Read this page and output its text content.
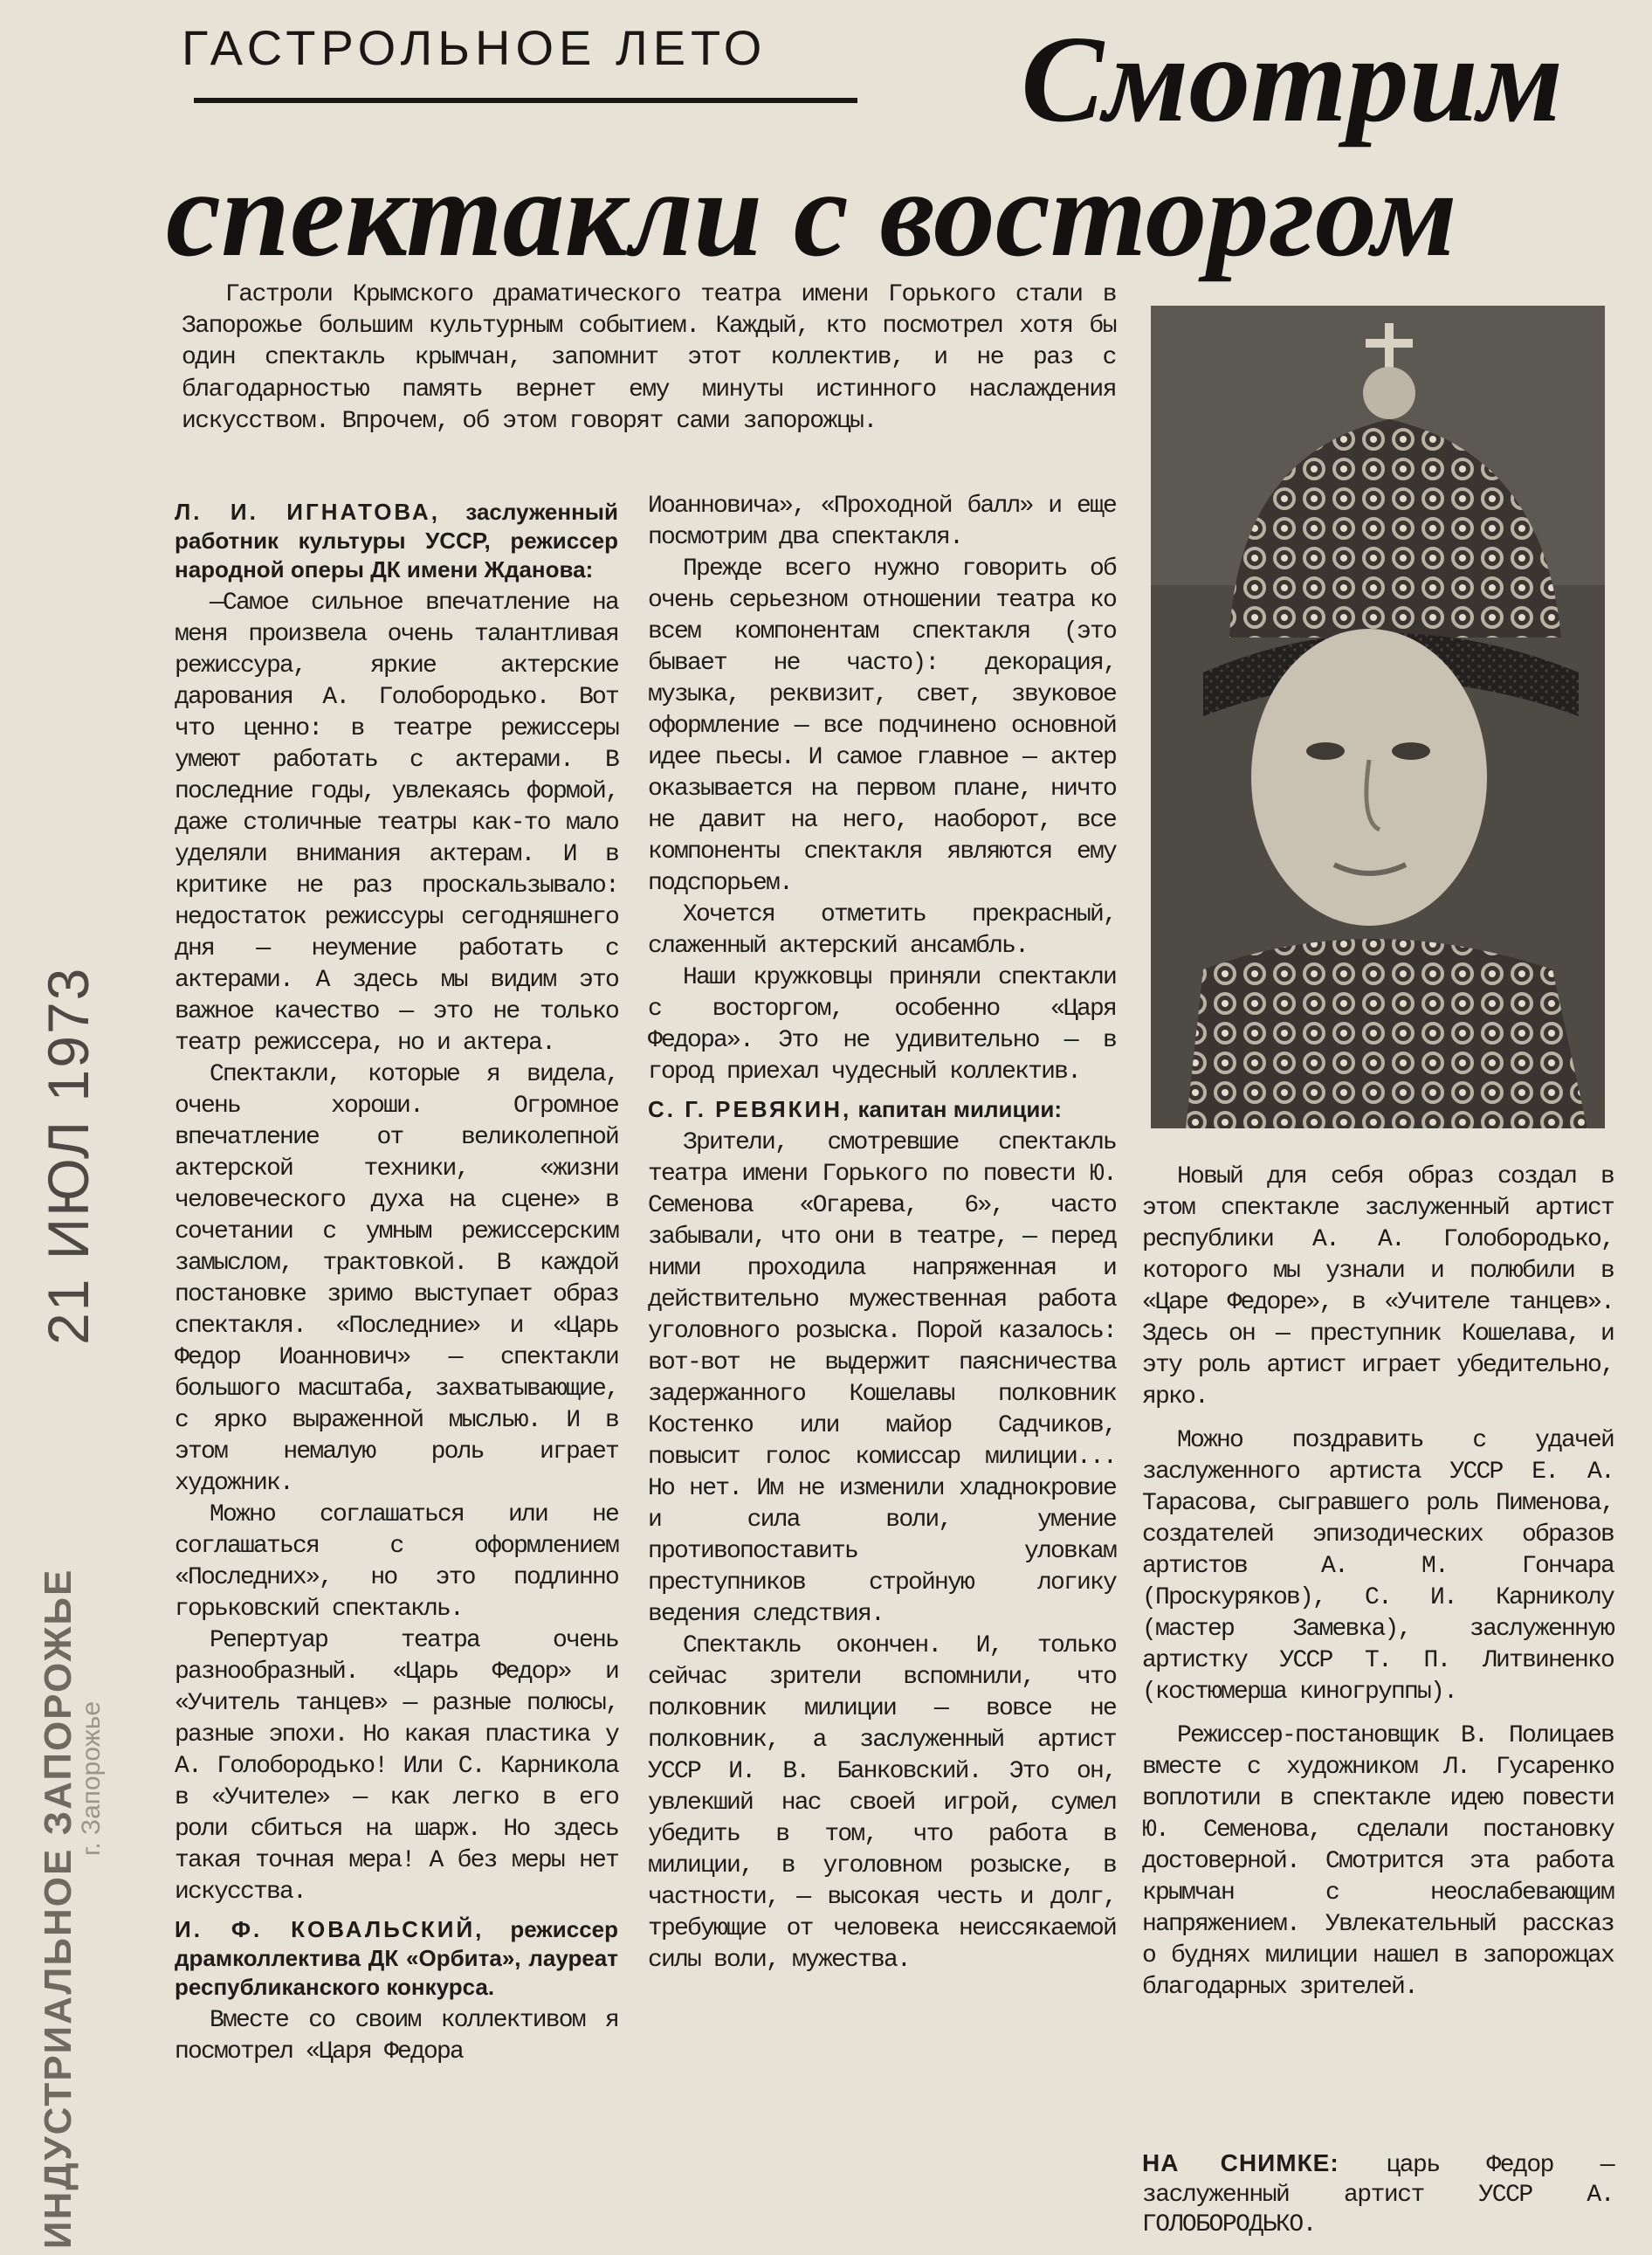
ИНДУСТРИАЛЬНОЕ ЗАПОРОЖЬЕ
г. Запорожье
21 ИЮЛ 1973
ГАСТРОЛЬНОЕ ЛЕТО	Смотрим
спектакли с восторгом
Гастроли Крымского драматического театра имени Горького стали в Запорожье большим культурным событием. Каждый, кто посмотрел хотя бы один спектакль крымчан, запомнит этот коллектив, и не раз с благодарностью память вернет ему минуты истинного наслаждения искусством. Впрочем, об этом говорят сами запорожцы.
Л. И. ИГНАТОВА, заслуженный работник культуры УССР, режиссер народной оперы ДК имени Жданова:

—Самое сильное впечатление на меня произвела очень талантливая режиссура, яркие актерские дарования А. Голобородько. Вот что ценно: в театре режиссеры умеют работать с актерами. В последние годы, увлекаясь формой, даже столичные театры как-то мало уделяли внимания актерам. И в критике не раз проскальзывало: недостаток режиссуры сегодняшнего дня — неумение работать с актерами. А здесь мы видим это важное качество — это не только театр режиссера, но и актера.

Спектакли, которые я видела, очень хороши. Огромное впечатление от великолепной актерской техники, «жизни человеческого духа на сцене» в сочетании с умным режиссерским замыслом, трактовкой. В каждой постановке зримо выступает образ спектакля. «Последние» и «Царь Федор Иоаннович» — спектакли большого масштаба, захватывающие, с ярко выраженной мыслью. И в этом немалую роль играет художник.

Можно соглашаться или не соглашаться с оформлением «Последних», но это подлинно горьковский спектакль.

Репертуар театра очень разнообразный. «Царь Федор» и «Учитель танцев» — разные полюсы, разные эпохи. Но какая пластика у А. Голобородько! Или С. Карникола в «Учителе» — как легко в его роли сбиться на шарж. Но здесь такая точная мера! А без меры нет искусства.

И. Ф. КОВАЛЬСКИЙ, режиссер драмколлектива ДК «Орбита», лауреат республиканского конкурса.

Вместе со своим коллективом я посмотрел «Царя Федора

Иоанновича», «Проходной балл» и еще посмотрим два спектакля.

Прежде всего нужно говорить об очень серьезном отношении театра ко всем компонентам спектакля (это бывает не часто): декорация, музыка, реквизит, свет, звуковое оформление — все подчинено основной идее пьесы. И самое главное — актер оказывается на первом плане, ничто не давит на него, наоборот, все компоненты спектакля являются ему подспорьем.

Хочется отметить прекрасный, слаженный актерский ансамбль.

Наши кружковцы приняли спектакли с восторгом, особенно «Царя Федора». Это не удивительно — в город приехал чудесный коллектив.

С. Г. РЕВЯКИН, капитан милиции:

Зрители, смотревшие спектакль театра имени Горького по повести Ю. Семенова «Огарева, 6», часто забывали, что они в театре, — перед ними проходила напряженная и действительно мужественная работа уголовного розыска. Порой казалось: вот-вот не выдержит паясничества задержанного Кошелавы полковник Костенко или майор Садчиков, повысит голос комиссар милиции... Но нет. Им не изменили хладнокровие и сила воли, умение противопоставить уловкам преступников стройную логику ведения следствия.

Спектакль окончен. И, только сейчас зрители вспомнили, что полковник милиции — вовсе не полковник, а заслуженный артист УССР И. В. Банковский. Это он, увлекший нас своей игрой, сумел убедить в том, что работа в милиции, в уголовном розыске, в частности, — высокая честь и долг, требующие от человека неиссякаемой силы воли, мужества.

Новый для себя образ создал в этом спектакле заслуженный артист республики А. А. Голобородько, которого мы узнали и полюбили в «Царе Федоре», в «Учителе танцев». Здесь он — преступник Кошелава, и эту роль артист играет убедительно, ярко.

Можно поздравить с удачей заслуженного артиста УССР Е. А. Тарасова, сыгравшего роль Пименова, создателей эпизодических образов артистов А. М. Гончара (Проскуряков), С. И. Карниколу (мастер Замевка), заслуженную артистку УССР Т. П. Литвиненко (костюмерша киногруппы).

Режиссер-постановщик В. Полицаев вместе с художником Л. Гусаренко воплотили в спектакле идею повести Ю. Семенова, сделали постановку достоверной. Смотрится эта работа крымчан с неослабевающим напряжением. Увлекательный рассказ о буднях милиции нашел в запорожцах благодарных зрителей.

НА СНИМКЕ: царь Федор — заслуженный артист УССР А. ГОЛОБОРОДЬКО.
